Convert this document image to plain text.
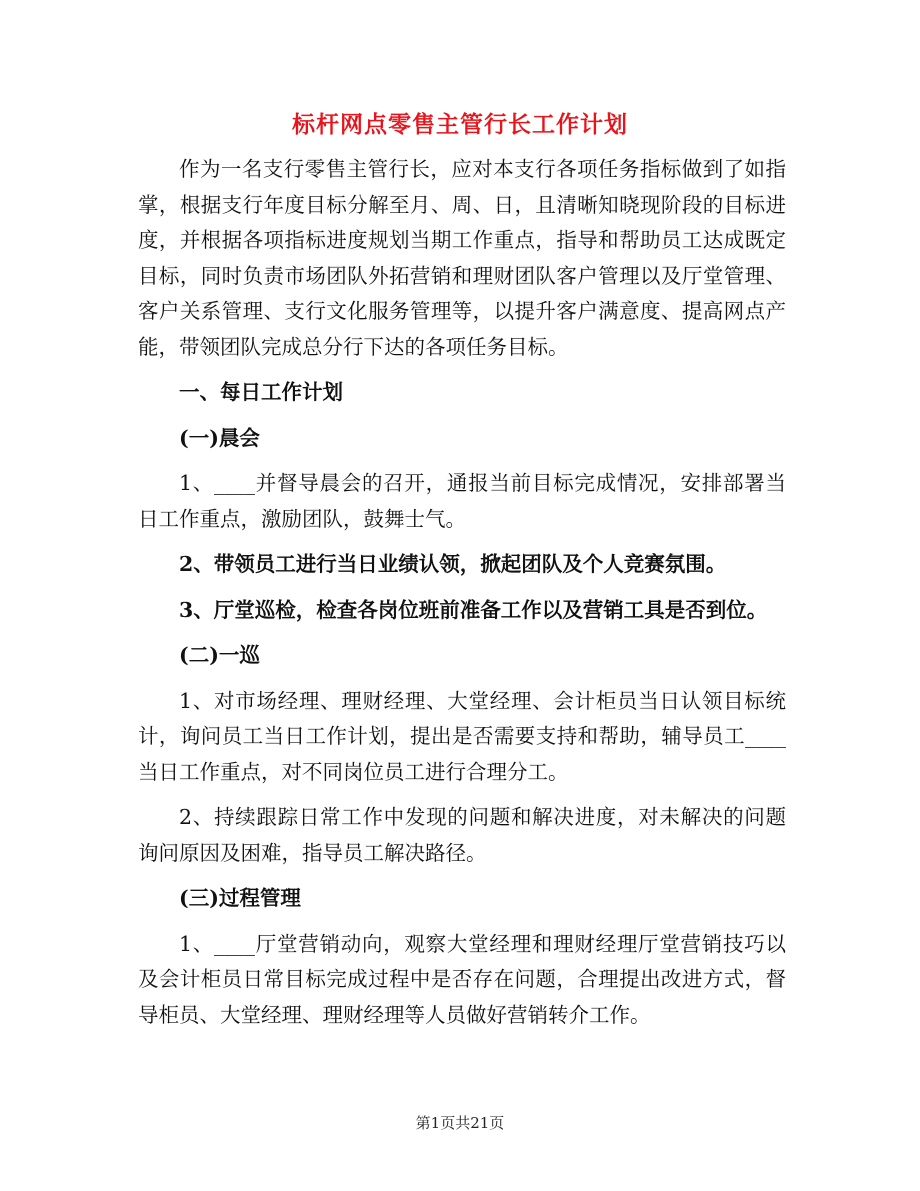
标杆网点零售主管行长工作计划

作为一名支行零售主管行长，应对本支行各项任务指标做到了如指掌，根据支行年度目标分解至月、周、日，且清晰知晓现阶段的目标进度，并根据各项指标进度规划当期工作重点，指导和帮助员工达成既定目标，同时负责市场团队外拓营销和理财团队客户管理以及厅堂管理、客户关系管理、支行文化服务管理等，以提升客户满意度、提高网点产能，带领团队完成总分行下达的各项任务目标。

一、每日工作计划

(一)晨会

1、____并督导晨会的召开，通报当前目标完成情况，安排部署当日工作重点，激励团队，鼓舞士气。

2、带领员工进行当日业绩认领，掀起团队及个人竞赛氛围。

3、厅堂巡检，检查各岗位班前准备工作以及营销工具是否到位。

(二)一巡

1、对市场经理、理财经理、大堂经理、会计柜员当日认领目标统计，询问员工当日工作计划，提出是否需要支持和帮助，辅导员工____当日工作重点，对不同岗位员工进行合理分工。

2、持续跟踪日常工作中发现的问题和解决进度，对未解决的问题询问原因及困难，指导员工解决路径。

(三)过程管理

1、____厅堂营销动向，观察大堂经理和理财经理厅堂营销技巧以及会计柜员日常目标完成过程中是否存在问题，合理提出改进方式，督导柜员、大堂经理、理财经理等人员做好营销转介工作。

第1页共21页
